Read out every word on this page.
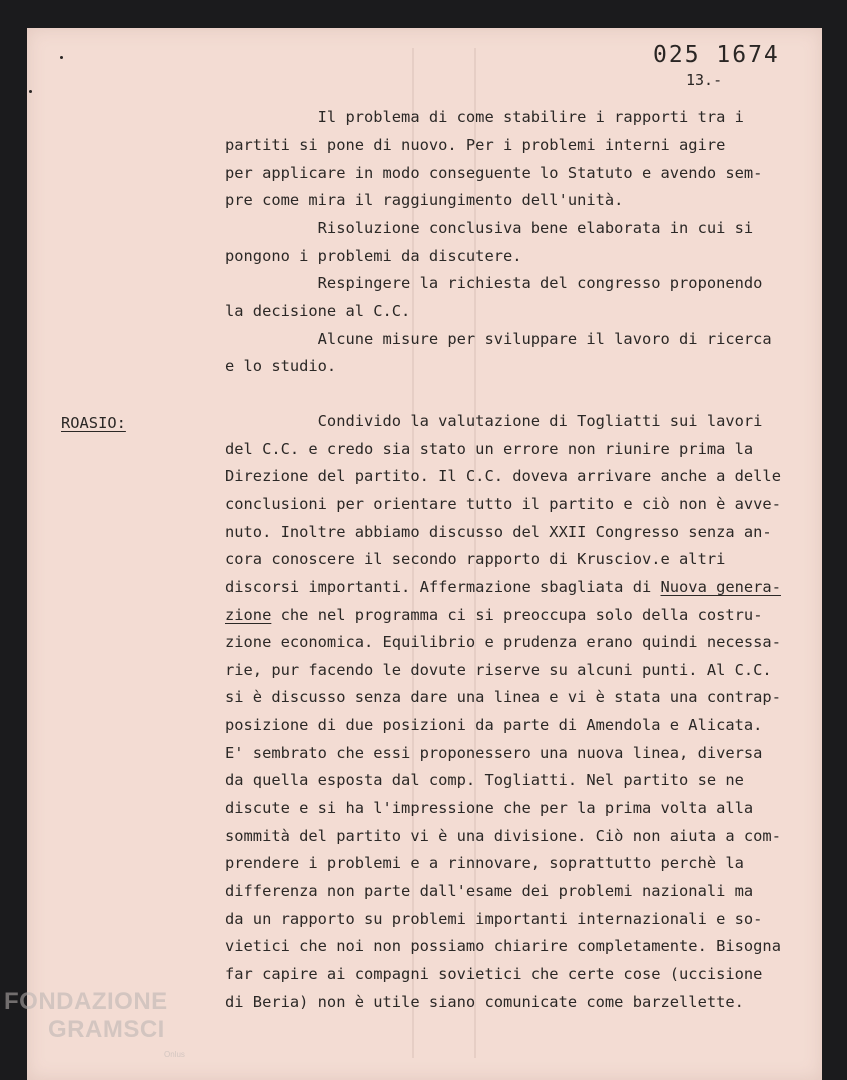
025 1674
13.-
Il problema di come stabilire i rapporti tra i
partiti si pone di nuovo. Per i problemi interni agire
per applicare in modo conseguente lo Statuto e avendo sem-
pre come mira il raggiungimento dell'unità.
Risoluzione conclusiva bene elaborata in cui si
pongono i problemi da discutere.
Respingere la richiesta del congresso proponendo
la decisione al C.C.
Alcune misure per sviluppare il lavoro di ricerca
e lo studio.
ROASIO:	Condivido la valutazione di Togliatti sui lavori
del C.C. e credo sia stato un errore non riunire prima la
Direzione del partito. Il C.C. doveva arrivare anche a delle
conclusioni per orientare tutto il partito e ciò non è avve-
nuto. Inoltre abbiamo discusso del XXII Congresso senza an-
cora conoscere il secondo rapporto di Krusciov.e altri
discorsi importanti. Affermazione sbagliata di Nuova genera-
zione che nel programma ci si preoccupa solo della costru-
zione economica. Equilibrio e prudenza erano quindi necessa-
rie, pur facendo le dovute riserve su alcuni punti. Al C.C.
si è discusso senza dare una linea e vi è stata una contrap-
posizione di due posizioni da parte di Amendola e Alicata.
E' sembrato che essi proponessero una nuova linea, diversa
da quella esposta dal comp. Togliatti. Nel partito se ne
discute e si ha l'impressione che per la prima volta alla
sommità del partito vi è una divisione. Ciò non aiuta a com-
prendere i problemi e a rinnovare, soprattutto perchè la
differenza non parte dall'esame dei problemi nazionali ma
da un rapporto su problemi importanti internazionali e so-
vietici che noi non possiamo chiarire completamente. Bisogna
far capire ai compagni sovietici che certe cose (uccisione
di Beria) non è utile siano comunicate come barzellette.
FONDAZIONE
GRAMSCI
Onlus
